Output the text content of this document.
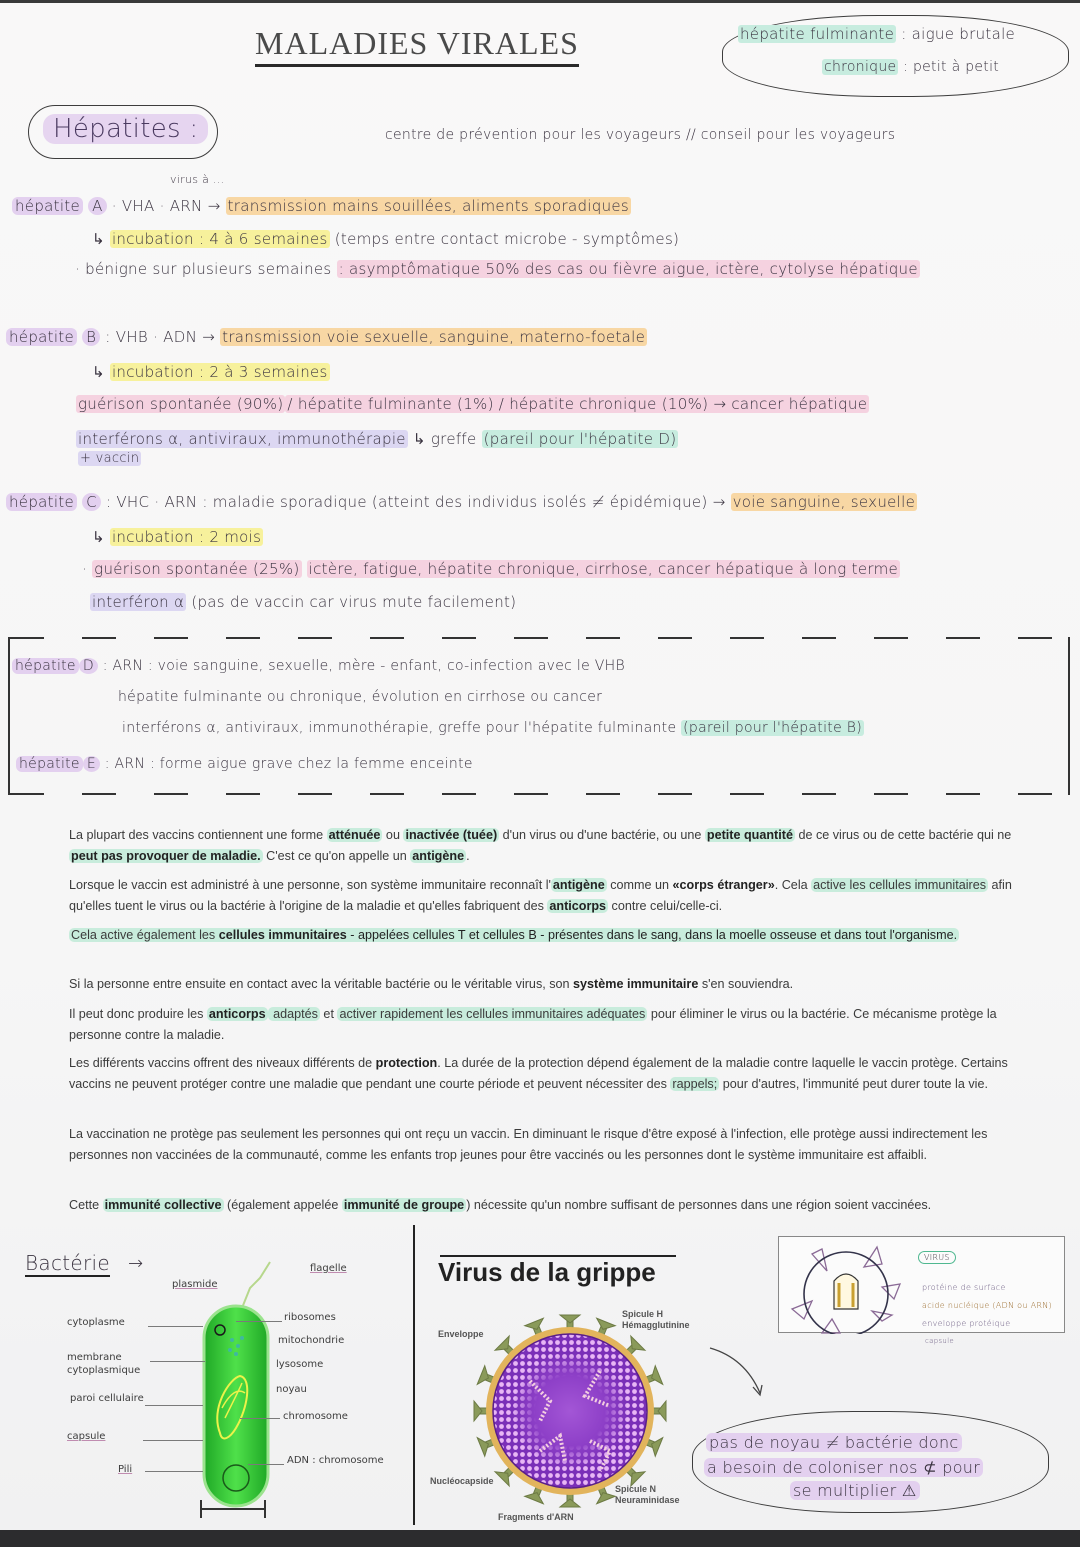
MALADIES VIRALES	hépatite fulminante : aigue brutale
chronique : petit à petit
Hépatites :	centre de prévention pour les voyageurs // conseil pour les voyageurs
virus à ...
hépatite A · VHA · ARN → transmission mains souillées, aliments sporadiques
↳ incubation : 4 à 6 semaines (temps entre contact microbe - symptômes)
· bénigne sur plusieurs semaines : asymptômatique 50% des cas ou fièvre aigue, ictère, cytolyse hépatique
hépatite B : VHB · ADN → transmission voie sexuelle, sanguine, materno-foetale
↳ incubation : 2 à 3 semaines
guérison spontanée (90%) / hépatite fulminante (1%) / hépatite chronique (10%) → cancer hépatique
interférons α, antiviraux, immunothérapie ↳ greffe (pareil pour l'hépatite D)
+ vaccin
hépatite C : VHC · ARN : maladie sporadique (atteint des individus isolés ≠ épidémique) → voie sanguine, sexuelle
↳ incubation : 2 mois
· guérison spontanée (25%) ictère, fatigue, hépatite chronique, cirrhose, cancer hépatique à long terme
interféron α (pas de vaccin car virus mute facilement)
hépatite D : ARN : voie sanguine, sexuelle, mère - enfant, co-infection avec le VHB
hépatite fulminante ou chronique, évolution en cirrhose ou cancer
interférons α, antiviraux, immunothérapie, greffe pour l'hépatite fulminante (pareil pour l'hépatite B)
hépatite E : ARN : forme aigue grave chez la femme enceinte
La plupart des vaccins contiennent une forme atténuée ou inactivée (tuée) d'un virus ou d'une bactérie, ou une petite quantité de ce virus ou de cette bactérie qui ne peut pas provoquer de maladie. C'est ce qu'on appelle un antigène .
Lorsque le vaccin est administré à une personne, son système immunitaire reconnaît l' antigène comme un «corps étranger». Cela active les cellules immunitaires afin qu'elles tuent le virus ou la bactérie à l'origine de la maladie et qu'elles fabriquent des anticorps contre celui/celle-ci.
Cela active également les cellules immunitaires - appelées cellules T et cellules B - présentes dans le sang, dans la moelle osseuse et dans tout l'organisme.
Si la personne entre ensuite en contact avec la véritable bactérie ou le véritable virus, son système immunitaire s'en souviendra.
Il peut donc produire les anticorps adaptés et activer rapidement les cellules immunitaires adéquates pour éliminer le virus ou la bactérie. Ce mécanisme protège la personne contre la maladie.
Les différents vaccins offrent des niveaux différents de protection. La durée de la protection dépend également de la maladie contre laquelle le vaccin protège. Certains vaccins ne peuvent protéger contre une maladie que pendant une courte période et peuvent nécessiter des rappels; pour d'autres, l'immunité peut durer toute la vie.
La vaccination ne protège pas seulement les personnes qui ont reçu un vaccin. En diminuant le risque d'être exposé à l'infection, elle protège aussi indirectement les personnes non vaccinées de la communauté, comme les enfants trop jeunes pour être vaccinés ou les personnes dont le système immunitaire est affaibli.
Cette immunité collective (également appelée immunité de groupe ) nécessite qu'un nombre suffisant de personnes dans une région soient vaccinées.
Bactérie →
plasmide
flagelle
cytoplasme
membrane cytoplasmique
paroi cellulaire
capsule
Pili
ribosomes
mitochondrie
lysosome
noyau
chromosome
ADN : chromosome
Virus de la grippe
Enveloppe
Spicule H
Hémagglutinine
Nucléocapside
Spicule N
Neuraminidase
Fragments d'ARN
VIRUS
protéine de surface
acide nucléique (ADN ou ARN)
enveloppe protéique
capsule
pas de noyau ≠ bactérie donc
a besoin de coloniser nos ⊄ pour
se multiplier ⚠
